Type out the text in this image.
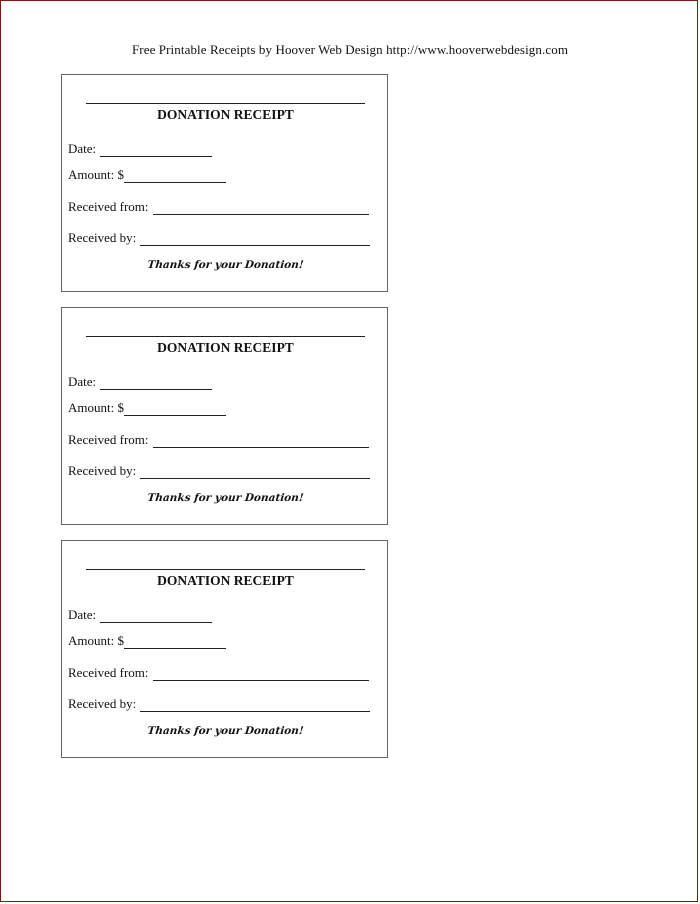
Free Printable Receipts by Hoover Web Design http://www.hooverwebdesign.com
DONATION RECEIPT
Date:
Amount: $
Received from:
Received by:
Thanks for your Donation!
DONATION RECEIPT
Date:
Amount: $
Received from:
Received by:
Thanks for your Donation!
DONATION RECEIPT
Date:
Amount: $
Received from:
Received by:
Thanks for your Donation!
